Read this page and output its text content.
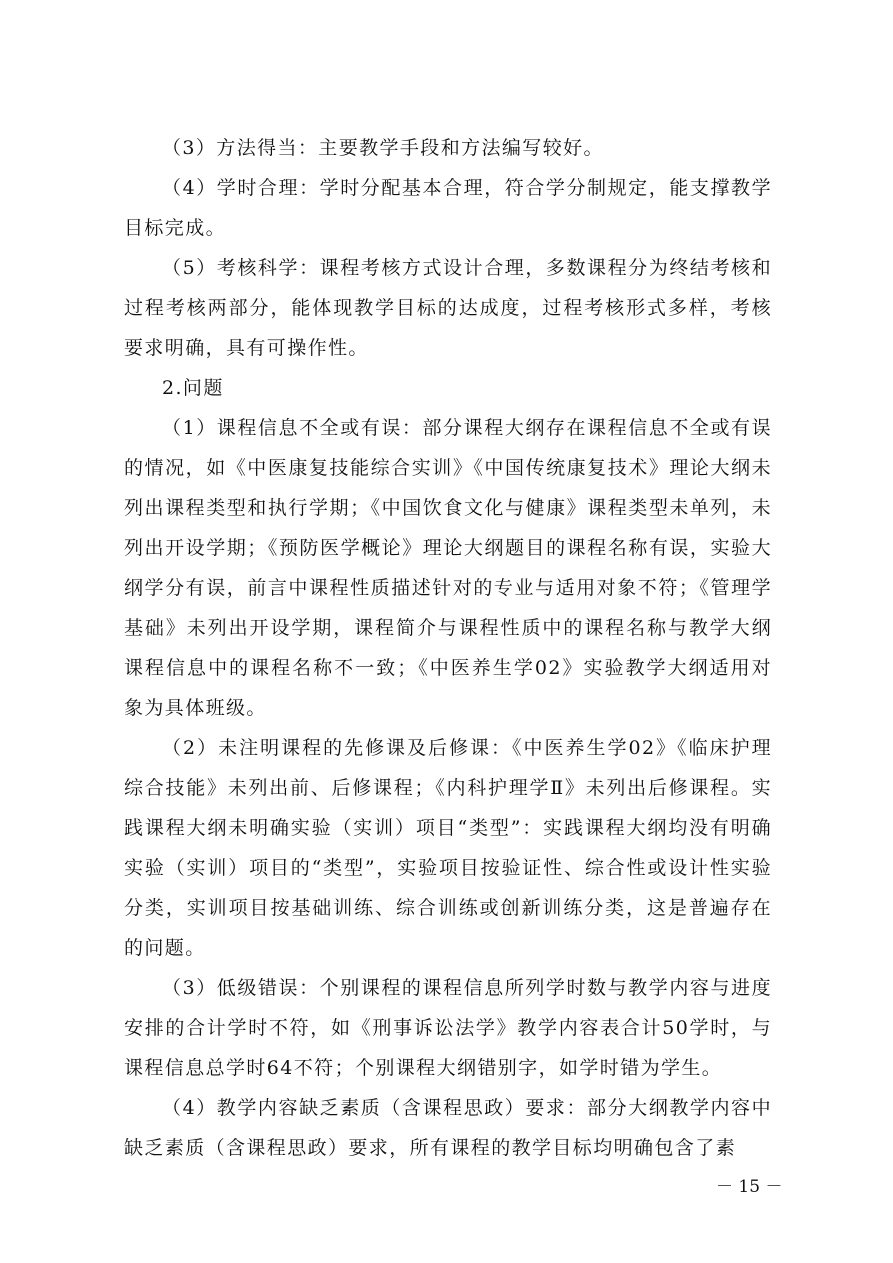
（3）方法得当：主要教学手段和方法编写较好。

（4）学时合理：学时分配基本合理，符合学分制规定，能支撑教学目标完成。

（5）考核科学：课程考核方式设计合理，多数课程分为终结考核和过程考核两部分，能体现教学目标的达成度，过程考核形式多样，考核要求明确，具有可操作性。

2.问题

（1）课程信息不全或有误：部分课程大纲存在课程信息不全或有误的情况，如《中医康复技能综合实训》《中国传统康复技术》理论大纲未列出课程类型和执行学期；《中国饮食文化与健康》课程类型未单列，未列出开设学期；《预防医学概论》理论大纲题目的课程名称有误，实验大纲学分有误，前言中课程性质描述针对的专业与适用对象不符；《管理学基础》未列出开设学期，课程简介与课程性质中的课程名称与教学大纲课程信息中的课程名称不一致；《中医养生学02》实验教学大纲适用对象为具体班级。

（2）未注明课程的先修课及后修课：《中医养生学02》《临床护理综合技能》未列出前、后修课程；《内科护理学Ⅱ》未列出后修课程。实践课程大纲未明确实验（实训）项目“类型”：实践课程大纲均没有明确实验（实训）项目的“类型”，实验项目按验证性、综合性或设计性实验分类，实训项目按基础训练、综合训练或创新训练分类，这是普遍存在的问题。

（3）低级错误：个别课程的课程信息所列学时数与教学内容与进度安排的合计学时不符，如《刑事诉讼法学》教学内容表合计50学时，与课程信息总学时64不符；个别课程大纲错别字，如学时错为学生。

（4）教学内容缺乏素质（含课程思政）要求：部分大纲教学内容中缺乏素质（含课程思政）要求，所有课程的教学目标均明确包含了素

－ 15 －
